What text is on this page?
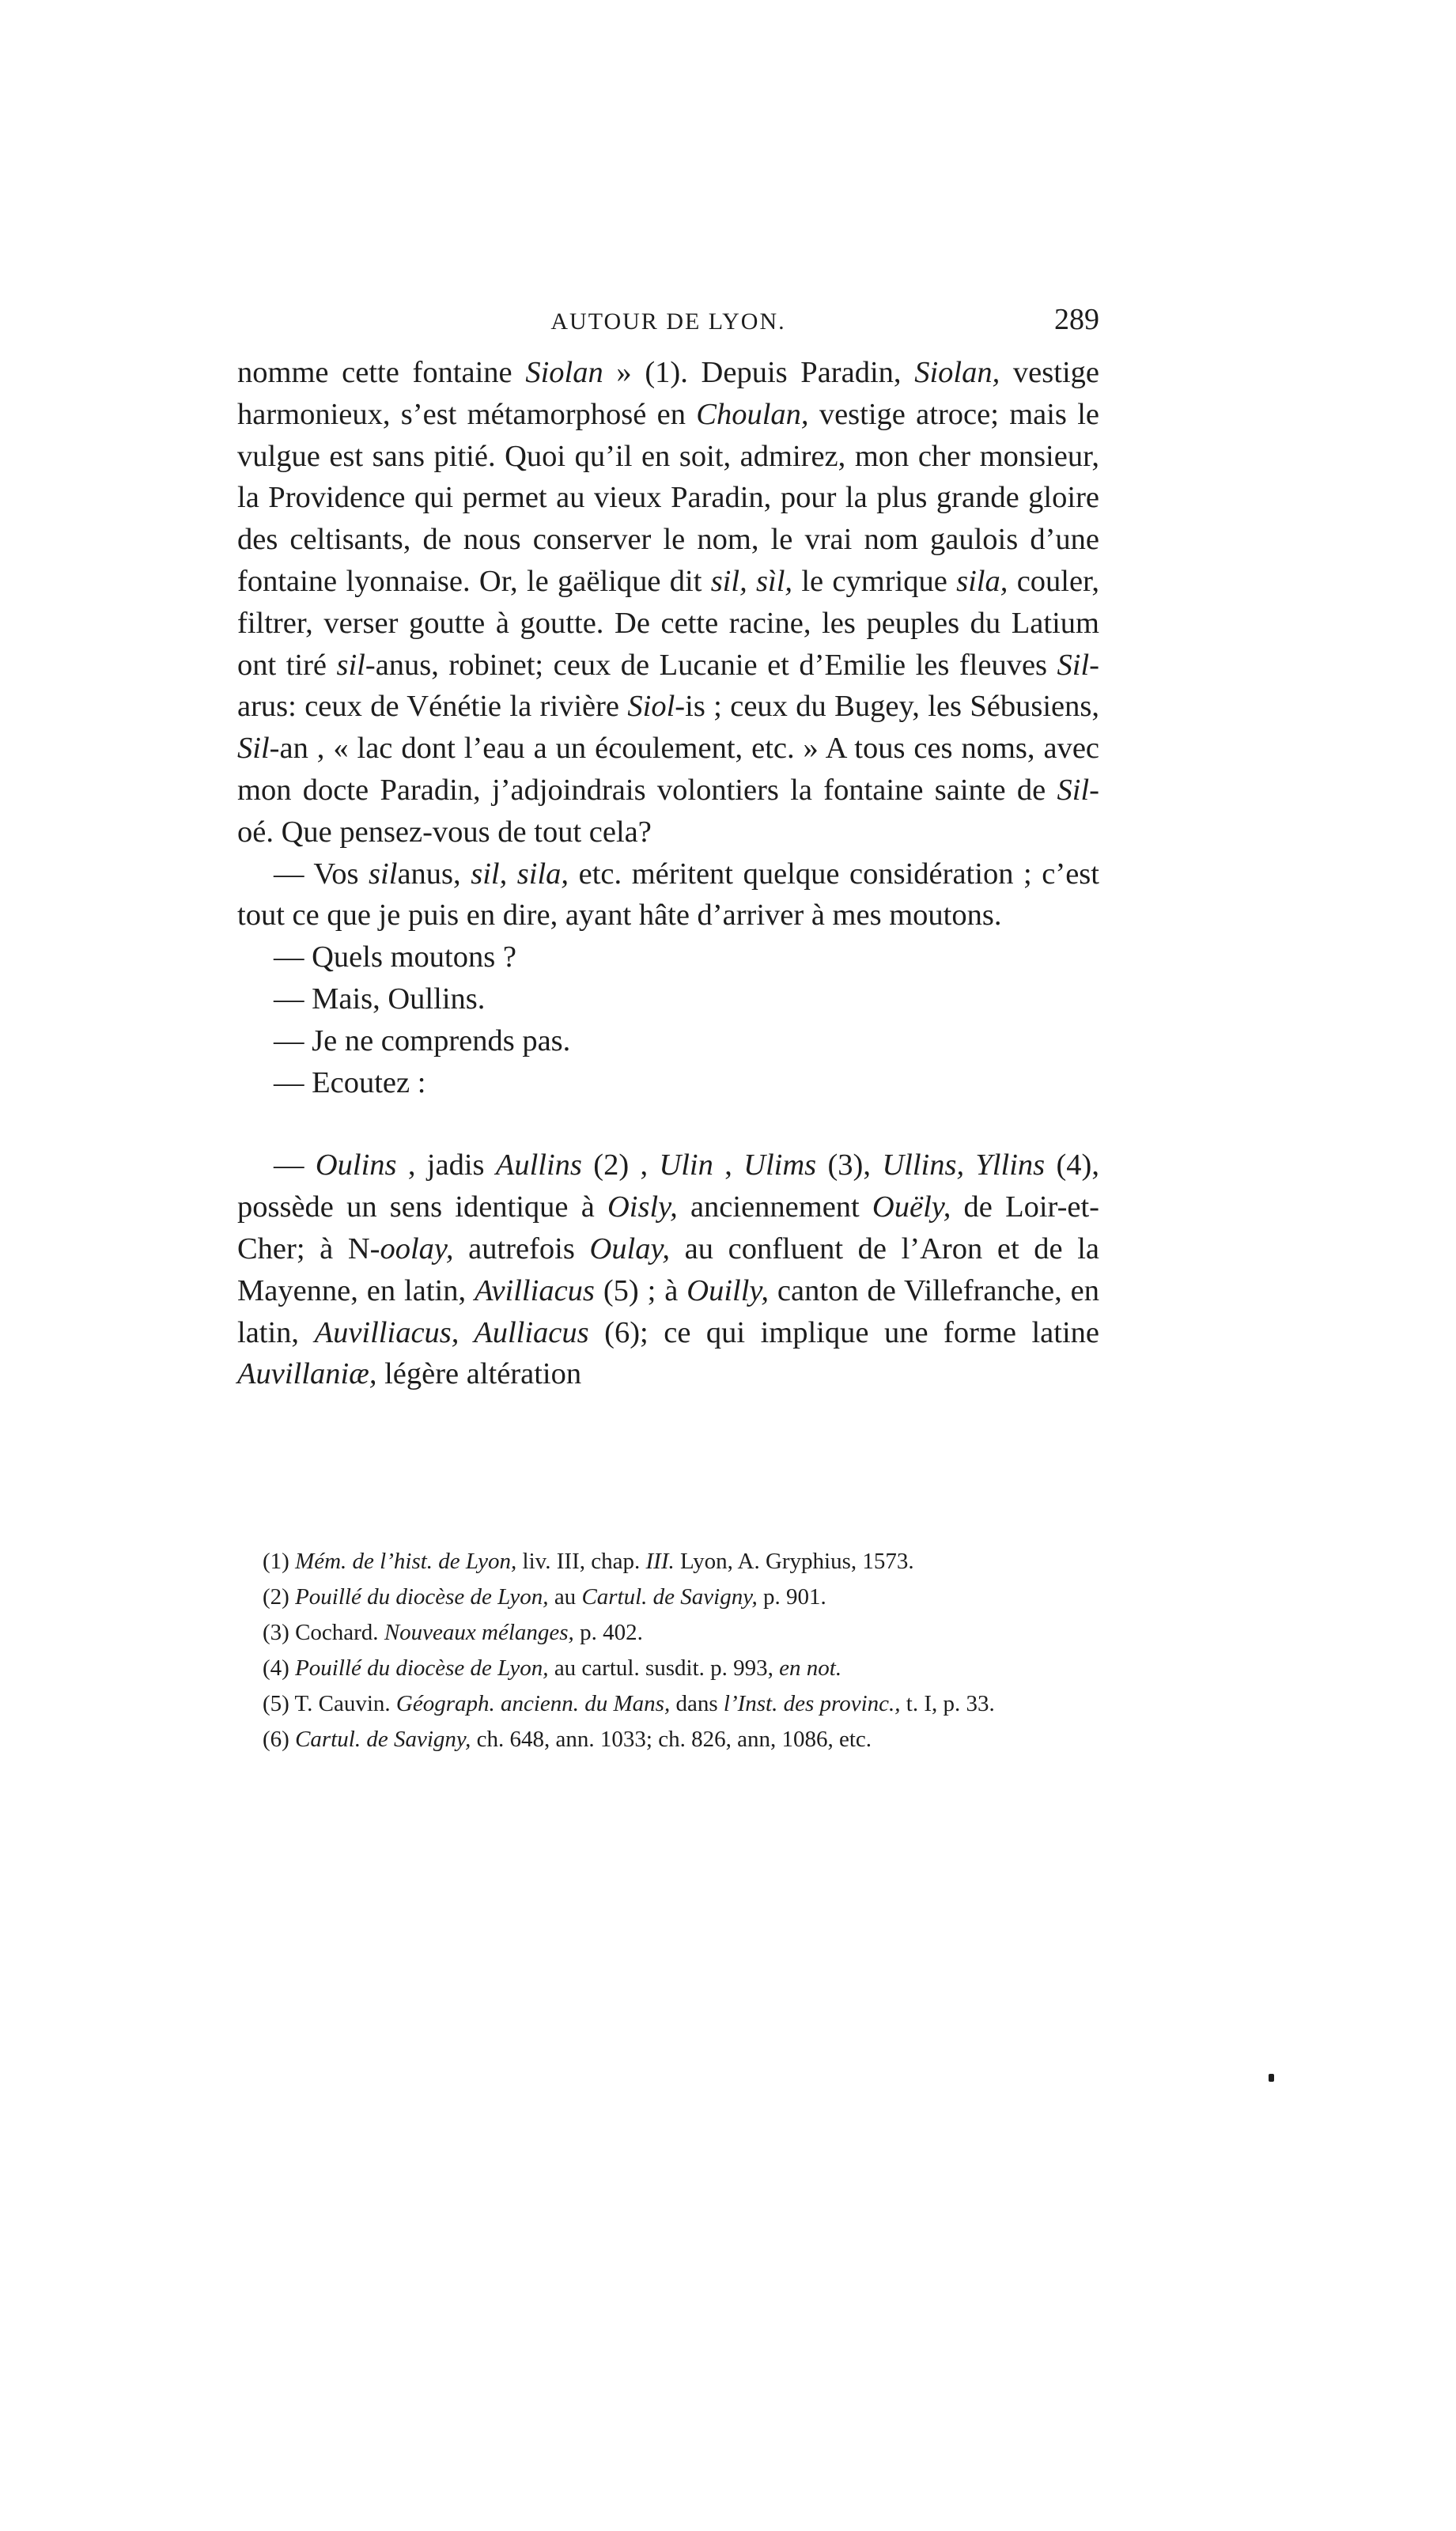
AUTOUR DE LYON.	289

nomme cette fontaine Siolan » (1). Depuis Paradin, Siolan, vestige harmonieux, s’est métamorphosé en Choulan, vestige atroce; mais le vulgue est sans pitié. Quoi qu’il en soit, admirez, mon cher monsieur, la Providence qui permet au vieux Paradin, pour la plus grande gloire des celtisants, de nous conserver le nom, le vrai nom gaulois d’une fontaine lyonnaise. Or, le gaëlique dit sil, sìl, le cymrique sila, couler, filtrer, verser goutte à goutte. De cette racine, les peuples du Latium ont tiré sil-anus, robinet; ceux de Lucanie et d’Emilie les fleuves Sil-arus: ceux de Vénétie la rivière Siol-is ; ceux du Bugey, les Sébusiens, Sil-an , « lac dont l’eau a un écoulement, etc. » A tous ces noms, avec mon docte Paradin, j’adjoindrais volontiers la fontaine sainte de Sil-oé. Que pensez-vous de tout cela?

— Vos silanus, sil, sila, etc. méritent quelque considération ; c’est tout ce que je puis en dire, ayant hâte d’arriver à mes moutons.

— Quels moutons ?

— Mais, Oullins.

— Je ne comprends pas.

— Ecoutez :

— Oulins , jadis Aullins (2) , Ulin , Ulims (3), Ullins, Yllins (4), possède un sens identique à Oisly, anciennement Ouëly, de Loir-et-Cher; à N-oolay, autrefois Oulay, au confluent de l’Aron et de la Mayenne, en latin, Avilliacus (5) ; à Ouilly, canton de Villefranche, en latin, Auvilliacus, Aulliacus (6); ce qui implique une forme latine Auvillaniæ, légère altération

(1) Mém. de l’hist. de Lyon, liv. III, chap. III. Lyon, A. Gryphius, 1573.

(2) Pouillé du diocèse de Lyon, au Cartul. de Savigny, p. 901.

(3) Cochard. Nouveaux mélanges, p. 402.

(4) Pouillé du diocèse de Lyon, au cartul. susdit. p. 993, en not.

(5) T. Cauvin. Géograph. ancienn. du Mans, dans l’Inst. des provinc., t. I, p. 33.

(6) Cartul. de Savigny, ch. 648, ann. 1033; ch. 826, ann, 1086, etc.
